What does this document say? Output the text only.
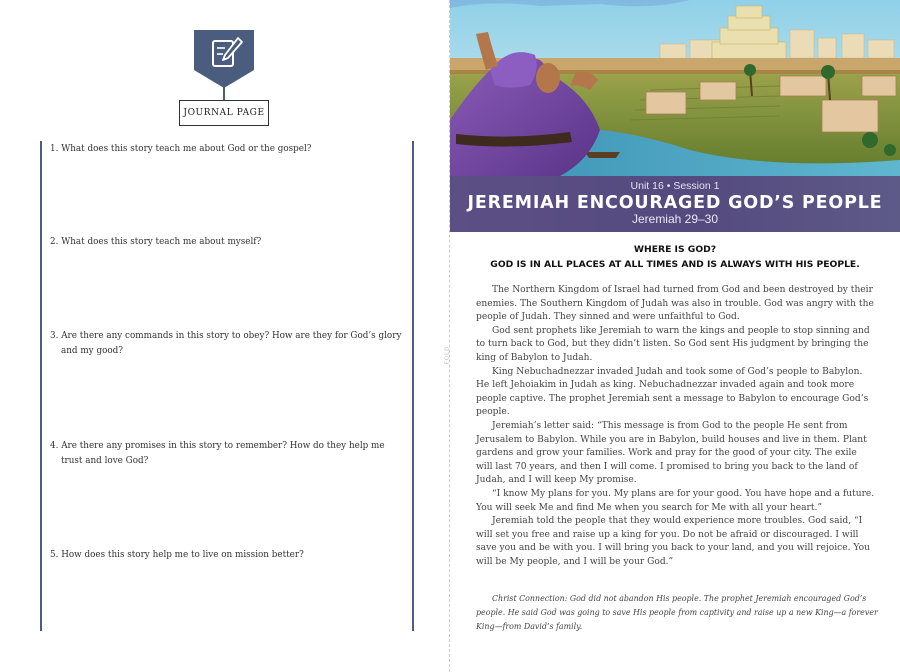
JOURNAL PAGE
1. What does this story teach me about God or the gospel?
2. What does this story teach me about myself?
3. Are there any commands in this story to obey? How are they for God’s glory and my good?
4. Are there any promises in this story to remember? How do they help me trust and love God?
5. How does this story help me to live on mission better?
FOLD
Unit 16 • Session 1
JEREMIAH ENCOURAGED GOD’S PEOPLE
Jeremiah 29–30
WHERE IS GOD?
GOD IS IN ALL PLACES AT ALL TIMES AND IS ALWAYS WITH HIS PEOPLE.

The Northern Kingdom of Israel had turned from God and been destroyed by their enemies. The Southern Kingdom of Judah was also in trouble. God was angry with the people of Judah. They sinned and were unfaithful to God.

God sent prophets like Jeremiah to warn the kings and people to stop sinning and to turn back to God, but they didn’t listen. So God sent His judgment by bringing the king of Babylon to Judah.

King Nebuchadnezzar invaded Judah and took some of God’s people to Babylon. He left Jehoiakim in Judah as king. Nebuchadnezzar invaded again and took more people captive. The prophet Jeremiah sent a message to Babylon to encourage God’s people.

Jeremiah’s letter said: “This message is from God to the people He sent from Jerusalem to Babylon. While you are in Babylon, build houses and live in them. Plant gardens and grow your families. Work and pray for the good of your city. The exile will last 70 years, and then I will come. I promised to bring you back to the land of Judah, and I will keep My promise.

“I know My plans for you. My plans are for your good. You have hope and a future. You will seek Me and find Me when you search for Me with all your heart.”

Jeremiah told the people that they would experience more troubles. God said, “I will set you free and raise up a king for you. Do not be afraid or discouraged. I will save you and be with you. I will bring you back to your land, and you will rejoice. You will be My people, and I will be your God.”

Christ Connection: God did not abandon His people. The prophet Jeremiah encouraged God’s people. He said God was going to save His people from captivity and raise up a new King—a forever King—from David’s family.
